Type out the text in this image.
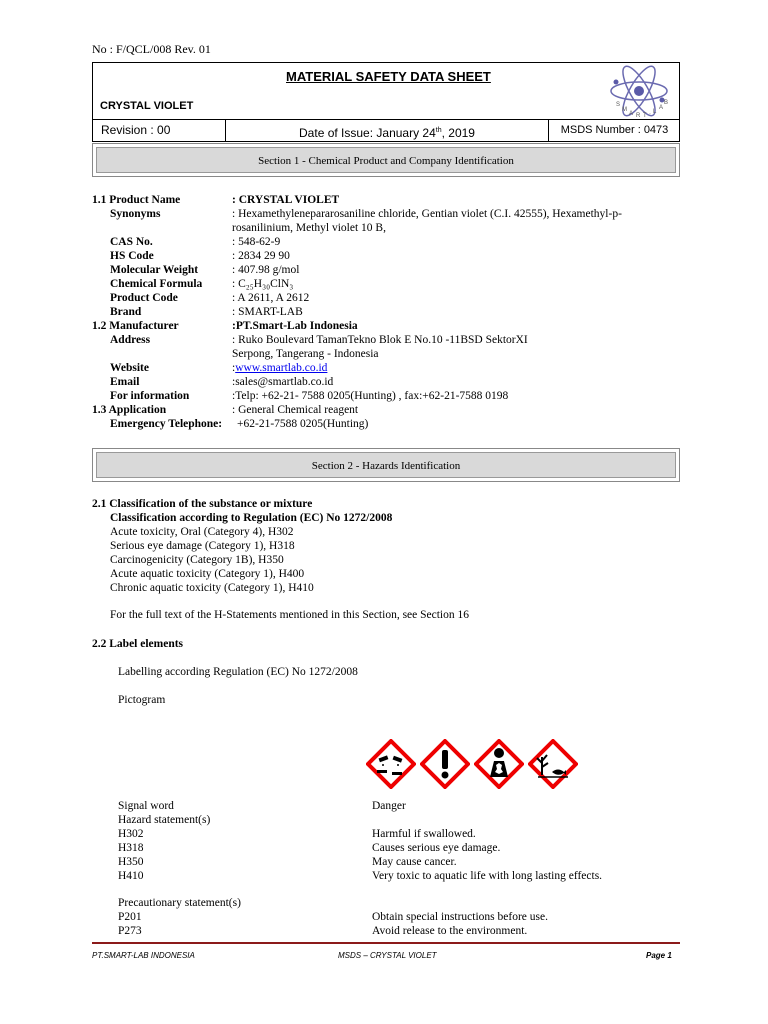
No : F/QCL/008 Rev. 01
MATERIAL SAFETY DATA SHEET
CRYSTAL VIOLET	S
M
A R T · L
A
B
Revision : 00	Date of Issue: January 24th, 2019	MSDS Number : 0473
Section 1 - Chemical Product and Company Identification
1.1 Product Name	: CRYSTAL VIOLET
Synonyms	: Hexamethylenepararosaniline chloride, Gentian violet (C.I. 42555), Hexamethyl-p-
rosanilinium, Methyl violet 10 B,
CAS No.	: 548-62-9
HS Code	: 2834 29 90
Molecular Weight	: 407.98 g/mol
Chemical Formula	: C₂₅H₃₀ClN₃
Product Code	: A 2611, A 2612
Brand	: SMART-LAB
1.2 Manufacturer	:PT.Smart-Lab Indonesia
Address	: Ruko Boulevard TamanTekno Blok E No.10 -11BSD SektorXI
Serpong, Tangerang - Indonesia
Website	:www.smartlab.co.id
Email	:sales@smartlab.co.id
For information	:Telp: +62-21- 7588 0205(Hunting) , fax:+62-21-7588 0198
1.3 Application	: General Chemical reagent
Emergency Telephone: +62-21-7588 0205(Hunting)
Section 2 - Hazards Identification
2.1 Classification of the substance or mixture
Classification according to Regulation (EC) No 1272/2008
Acute toxicity, Oral (Category 4), H302
Serious eye damage (Category 1), H318
Carcinogenicity (Category 1B), H350
Acute aquatic toxicity (Category 1), H400
Chronic aquatic toxicity (Category 1), H410
For the full text of the H-Statements mentioned in this Section, see Section 16
2.2 Label elements
Labelling according Regulation (EC) No 1272/2008
Pictogram
Signal word	Danger
Hazard statement(s)
H302	Harmful if swallowed.
H318	Causes serious eye damage.
H350	May cause cancer.
H410	Very toxic to aquatic life with long lasting effects.
Precautionary statement(s)
P201	Obtain special instructions before use.
P273	Avoid release to the environment.
PT.SMART-LAB INDONESIA	MSDS – CRYSTAL VIOLET	Page 1
